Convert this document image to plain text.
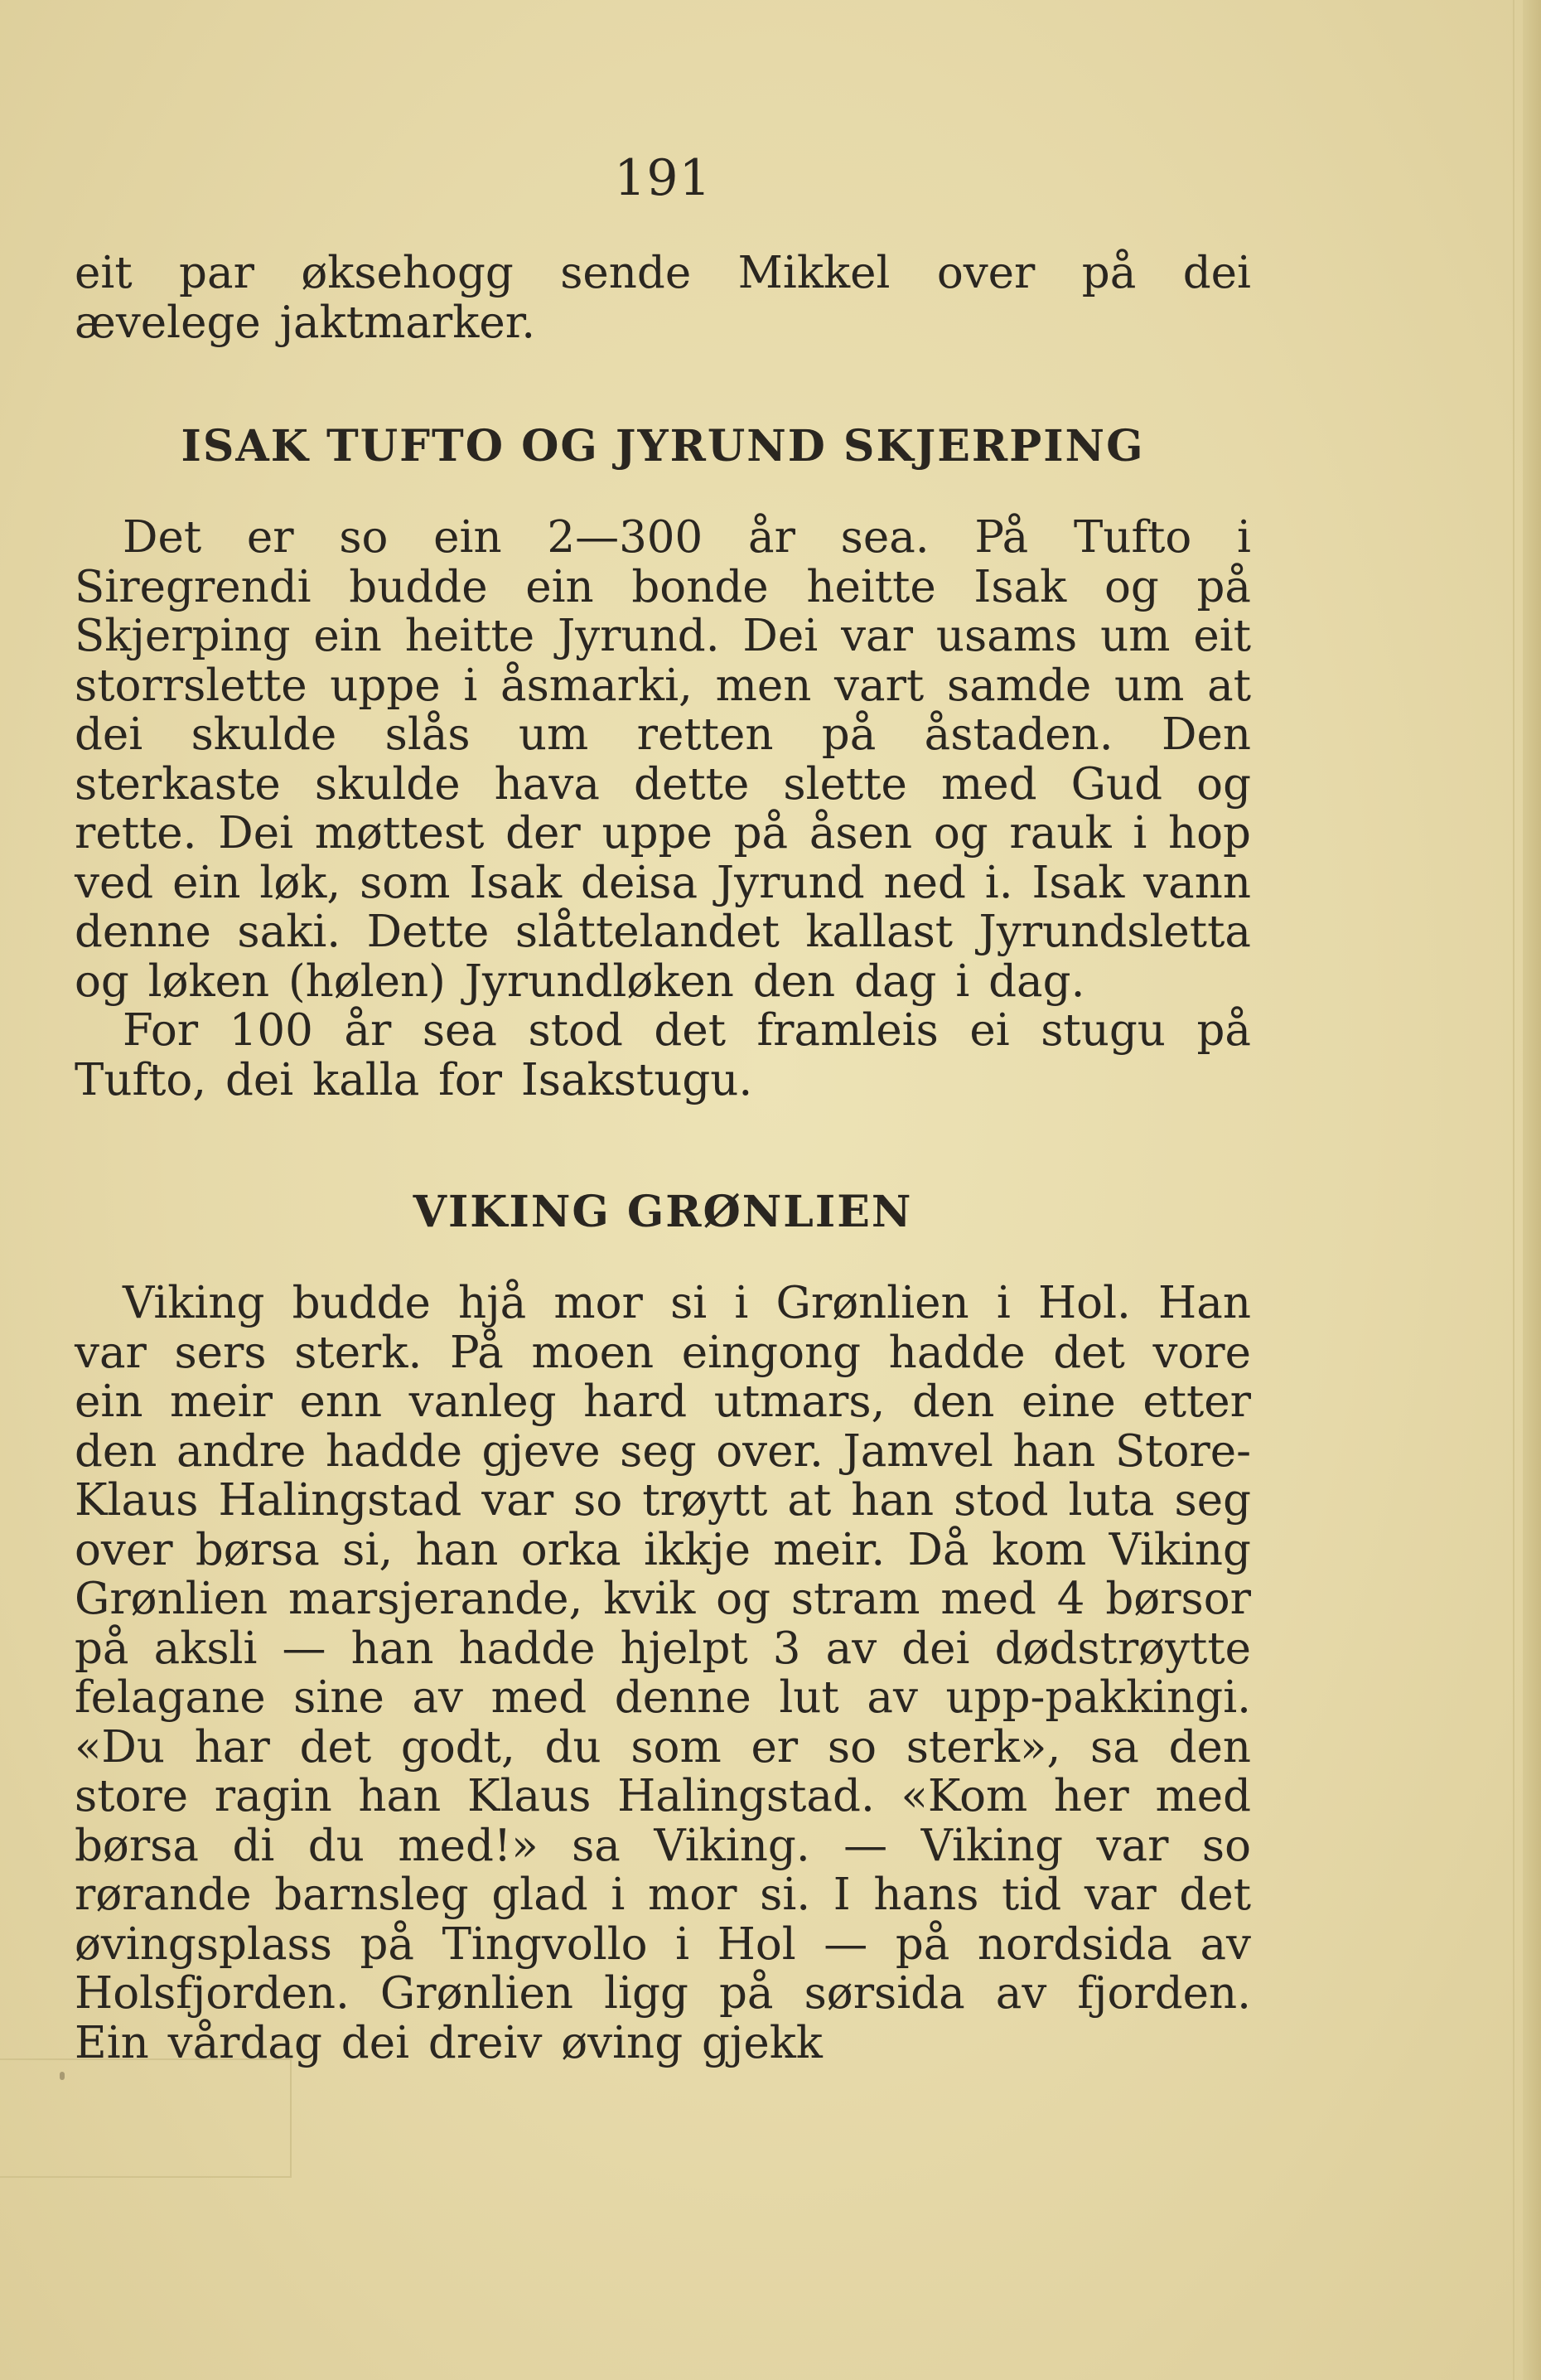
191

eit par øksehogg sende Mikkel over på dei ævelege jaktmarker.

ISAK TUFTO OG JYRUND SKJERPING

Det er so ein 2—300 år sea. På Tufto i Siregrendi budde ein bonde heitte Isak og på Skjerping ein heitte Jyrund. Dei var usams um eit storrslette uppe i åsmarki, men vart samde um at dei skulde slås um retten på åstaden. Den sterkaste skulde hava dette slette med Gud og rette. Dei møttest der uppe på åsen og rauk i hop ved ein løk, som Isak deisa Jyrund ned i. Isak vann denne saki. Dette slåttelandet kallast Jyrundsletta og løken (hølen) Jyrundløken den dag i dag.

For 100 år sea stod det framleis ei stugu på Tufto, dei kalla for Isakstugu.

VIKING GRØNLIEN

Viking budde hjå mor si i Grønlien i Hol. Han var sers sterk. På moen eingong hadde det vore ein meir enn vanleg hard utmars, den eine etter den andre hadde gjeve seg over. Jamvel han Store-Klaus Halingstad var so trøytt at han stod luta seg over børsa si, han orka ikkje meir. Då kom Viking Grønlien marsjerande, kvik og stram med 4 børsor på aksli — han hadde hjelpt 3 av dei dødstrøytte felagane sine av med denne lut av upp-pakkingi. «Du har det godt, du som er so sterk», sa den store ragin han Klaus Halingstad. «Kom her med børsa di du med!» sa Viking. — Viking var so rørande barnsleg glad i mor si. I hans tid var det øvingsplass på Tingvollo i Hol — på nordsida av Holsfjorden. Grønlien ligg på sørsida av fjorden. Ein vårdag dei dreiv øving gjekk
